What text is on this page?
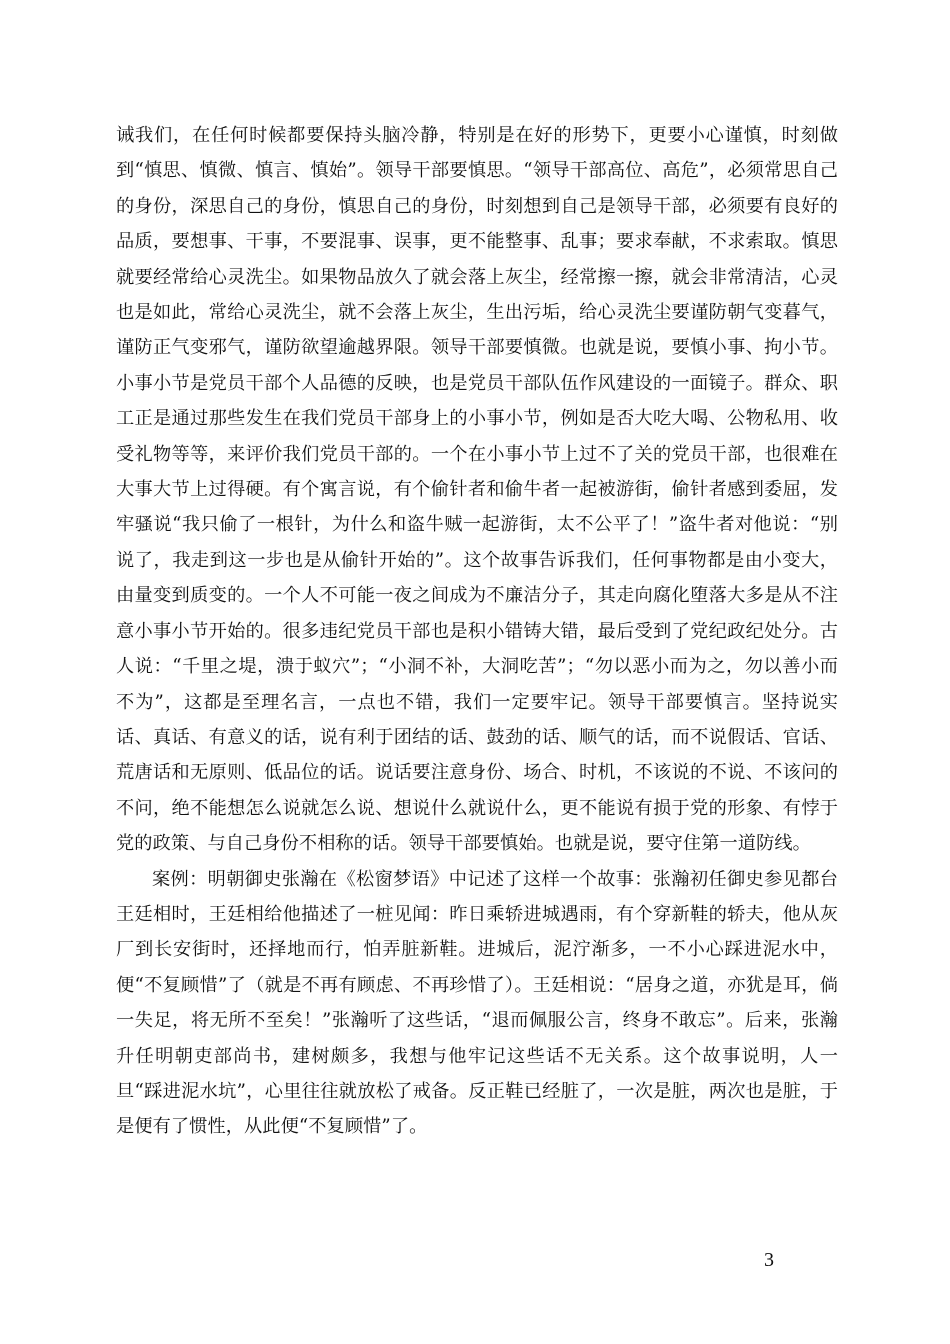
诫我们，在任何时候都要保持头脑冷静，特别是在好的形势下，更要小心谨慎，时刻做到“慎思、慎微、慎言、慎始”。领导干部要慎思。“领导干部高位、高危”，必须常思自己的身份，深思自己的身份，慎思自己的身份，时刻想到自己是领导干部，必须要有良好的品质，要想事、干事，不要混事、误事，更不能整事、乱事；要求奉献，不求索取。慎思就要经常给心灵洗尘。如果物品放久了就会落上灰尘，经常擦一擦，就会非常清洁，心灵也是如此，常给心灵洗尘，就不会落上灰尘，生出污垢，给心灵洗尘要谨防朝气变暮气，谨防正气变邪气，谨防欲望逾越界限。领导干部要慎微。也就是说，要慎小事、拘小节。小事小节是党员干部个人品德的反映，也是党员干部队伍作风建设的一面镜子。群众、职工正是通过那些发生在我们党员干部身上的小事小节，例如是否大吃大喝、公物私用、收受礼物等等，来评价我们党员干部的。一个在小事小节上过不了关的党员干部，也很难在大事大节上过得硬。有个寓言说，有个偷针者和偷牛者一起被游街，偷针者感到委屈，发牢骚说“我只偷了一根针，为什么和盗牛贼一起游街，太不公平了！”盗牛者对他说：“别说了，我走到这一步也是从偷针开始的”。这个故事告诉我们，任何事物都是由小变大，由量变到质变的。一个人不可能一夜之间成为不廉洁分子，其走向腐化堕落大多是从不注意小事小节开始的。很多违纪党员干部也是积小错铸大错，最后受到了党纪政纪处分。古人说：“千里之堤，溃于蚁穴”；“小洞不补，大洞吃苦”；“勿以恶小而为之，勿以善小而不为”，这都是至理名言，一点也不错，我们一定要牢记。领导干部要慎言。坚持说实话、真话、有意义的话，说有利于团结的话、鼓劲的话、顺气的话，而不说假话、官话、荒唐话和无原则、低品位的话。说话要注意身份、场合、时机，不该说的不说、不该问的不问，绝不能想怎么说就怎么说、想说什么就说什么，更不能说有损于党的形象、有悖于党的政策、与自己身份不相称的话。领导干部要慎始。也就是说，要守住第一道防线。

案例：明朝御史张瀚在《松窗梦语》中记述了这样一个故事：张瀚初任御史参见都台王廷相时，王廷相给他描述了一桩见闻：昨日乘轿进城遇雨，有个穿新鞋的轿夫，他从灰厂到长安街时，还择地而行，怕弄脏新鞋。进城后，泥泞渐多，一不小心踩进泥水中，便“不复顾惜”了（就是不再有顾虑、不再珍惜了）。王廷相说：“居身之道，亦犹是耳，倘一失足，将无所不至矣！”张瀚听了这些话，“退而佩服公言，终身不敢忘”。后来，张瀚升任明朝吏部尚书，建树颇多，我想与他牢记这些话不无关系。这个故事说明，人一旦“踩进泥水坑”，心里往往就放松了戒备。反正鞋已经脏了，一次是脏，两次也是脏，于是便有了惯性，从此便“不复顾惜”了。

3
